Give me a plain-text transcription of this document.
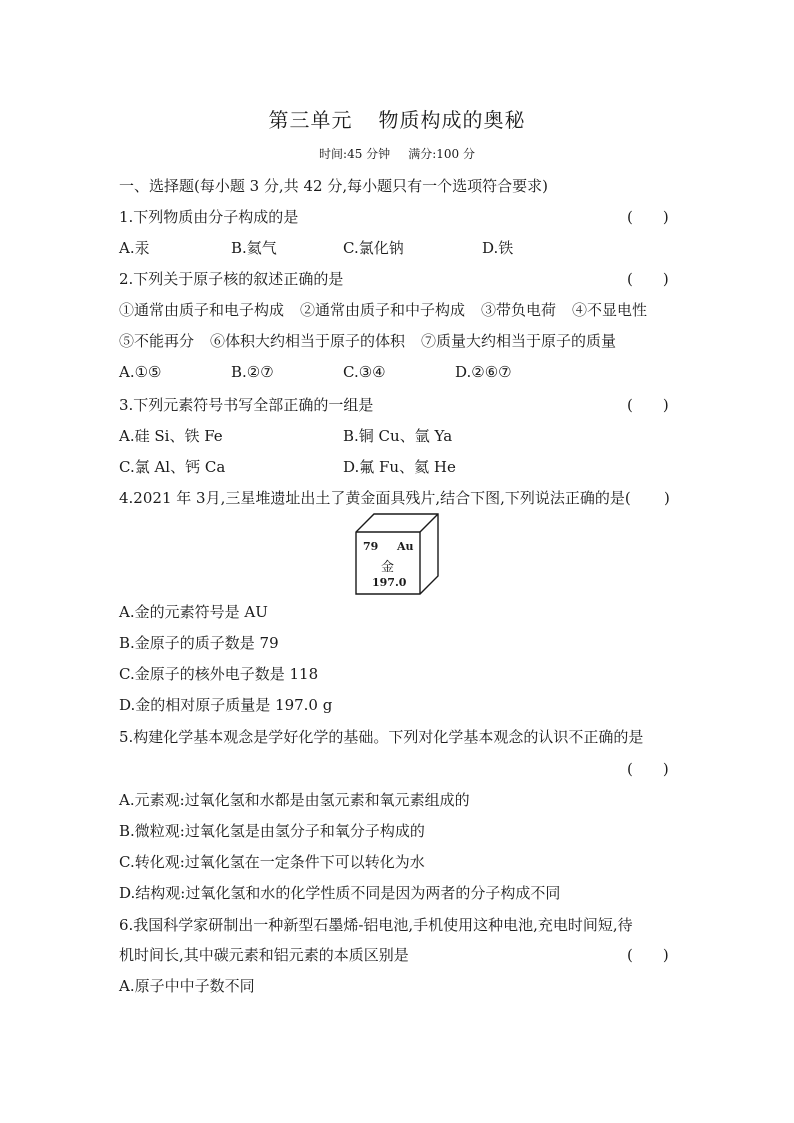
第三单元 物质构成的奥秘
时间:45 分钟 满分:100 分
一、选择题(每小题 3 分,共 42 分,每小题只有一个选项符合要求)
1.下列物质由分子构成的是	(　　)
A.汞	B.氦气	C.氯化钠	D.铁
2.下列关于原子核的叙述正确的是	(　　)
①通常由质子和电子构成 ②通常由质子和中子构成 ③带负电荷 ④不显电性
⑤不能再分 ⑥体积大约相当于原子的体积 ⑦质量大约相当于原子的质量
A.①⑤	B.②⑦	C.③④	D.②⑥⑦
3.下列元素符号书写全部正确的一组是	(　　)
A.硅 Si、铁 Fe	B.铜 Cu、氩 Ya
C.氯 Al、钙 Ca	D.氟 Fu、氦 He
4.2021 年 3月,三星堆遗址出土了黄金面具残片,结合下图,下列说法正确的是( )
79 Au
金
197.0
A.金的元素符号是 AU
B.金原子的质子数是 79
C.金原子的核外电子数是 118
D.金的相对原子质量是 197.0 g
5.构建化学基本观念是学好化学的基础。下列对化学基本观念的认识不正确的是
(　　)
A.元素观:过氧化氢和水都是由氢元素和氧元素组成的
B.微粒观:过氧化氢是由氢分子和氧分子构成的
C.转化观:过氧化氢在一定条件下可以转化为水
D.结构观:过氧化氢和水的化学性质不同是因为两者的分子构成不同
6.我国科学家研制出一种新型石墨烯-铝电池,手机使用这种电池,充电时间短,待
机时间长,其中碳元素和铝元素的本质区别是	(　　)
A.原子中中子数不同
